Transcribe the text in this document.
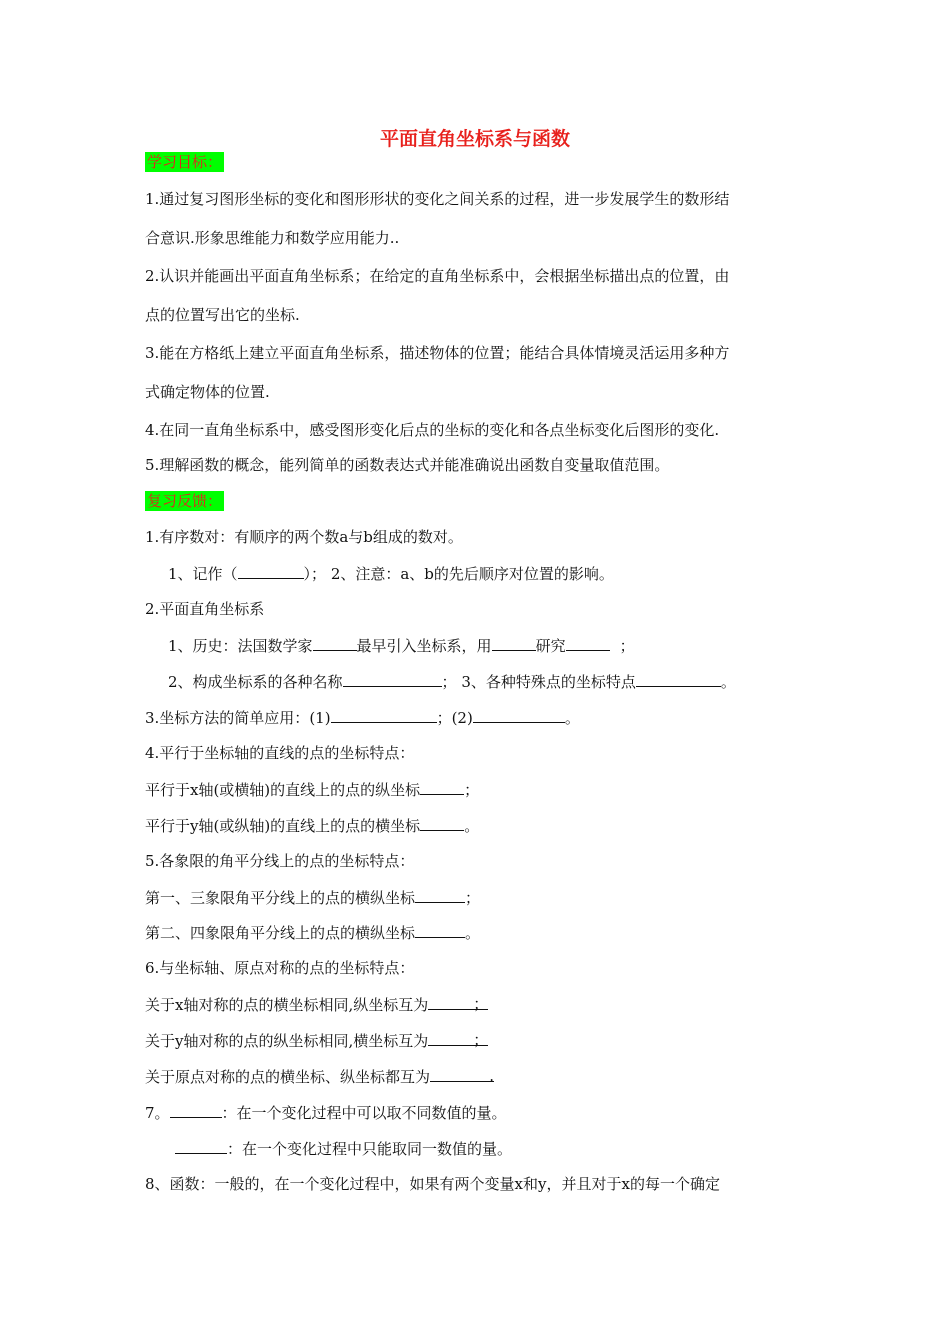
平面直角坐标系与函数
学习目标：
1.通过复习图形坐标的变化和图形形状的变化之间关系的过程，进一步发展学生的数形结
合意识.形象思维能力和数学应用能力..
2.认识并能画出平面直角坐标系；在给定的直角坐标系中，会根据坐标描出点的位置，由
点的位置写出它的坐标.
3.能在方格纸上建立平面直角坐标系，描述物体的位置；能结合具体情境灵活运用多种方
式确定物体的位置.
4.在同一直角坐标系中，感受图形变化后点的坐标的变化和各点坐标变化后图形的变化.
5.理解函数的概念，能列简单的函数表达式并能准确说出函数自变量取值范围。
复习反馈：
1.有序数对：有顺序的两个数a与b组成的数对。
1、记作（	）； 2、注意：a、b的先后顺序对位置的影响。
2.平面直角坐标系
1、历史：法国数学家	最早引入坐标系，用	研究	；
2、构成坐标系的各种名称	； 3、各种特殊点的坐标特点	。
3.坐标方法的简单应用：(1)	；(2)	。
4.平行于坐标轴的直线的点的坐标特点：
平行于x轴(或横轴)的直线上的点的纵坐标	；
平行于y轴(或纵轴)的直线上的点的横坐标	。
5.各象限的角平分线上的点的坐标特点：
第一、三象限角平分线上的点的横纵坐标	；
第二、四象限角平分线上的点的横纵坐标	。
6.与坐标轴、原点对称的点的坐标特点：
关于x轴对称的点的横坐标相同,纵坐标互为	；
关于y轴对称的点的纵坐标相同,横坐标互为	；
关于原点对称的点的横坐标、纵坐标都互为	.
7。	：在一个变化过程中可以取不同数值的量。
：在一个变化过程中只能取同一数值的量。
8、函数：一般的，在一个变化过程中，如果有两个变量x和y，并且对于x的每一个确定
